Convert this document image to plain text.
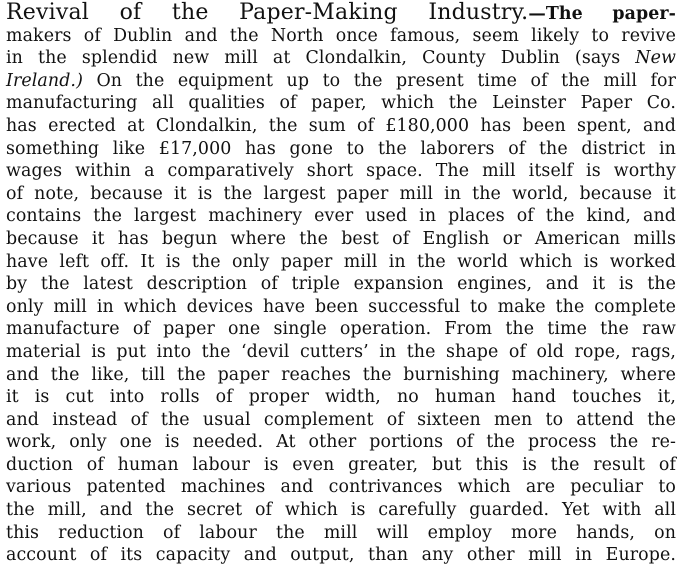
Revival of the Paper-Making Industry.—The paper-
makers of Dublin and the North once famous, seem likely to revive
in the splendid new mill at Clondalkin, County Dublin (says New
Ireland.) On the equipment up to the present time of the mill for
manufacturing all qualities of paper, which the Leinster Paper Co.
has erected at Clondalkin, the sum of £180,000 has been spent, and
something like £17,000 has gone to the laborers of the district in
wages within a comparatively short space. The mill itself is worthy
of note, because it is the largest paper mill in the world, because it
contains the largest machinery ever used in places of the kind, and
because it has begun where the best of English or American mills
have left off. It is the only paper mill in the world which is worked
by the latest description of triple expansion engines, and it is the
only mill in which devices have been successful to make the complete
manufacture of paper one single operation. From the time the raw
material is put into the ‘devil cutters’ in the shape of old rope, rags,
and the like, till the paper reaches the burnishing machinery, where
it is cut into rolls of proper width, no human hand touches it,
and instead of the usual complement of sixteen men to attend the
work, only one is needed. At other portions of the process the re-
duction of human labour is even greater, but this is the result of
various patented machines and contrivances which are peculiar to
the mill, and the secret of which is carefully guarded. Yet with all
this reduction of labour the mill will employ more hands, on
account of its capacity and output, than any other mill in Europe.
